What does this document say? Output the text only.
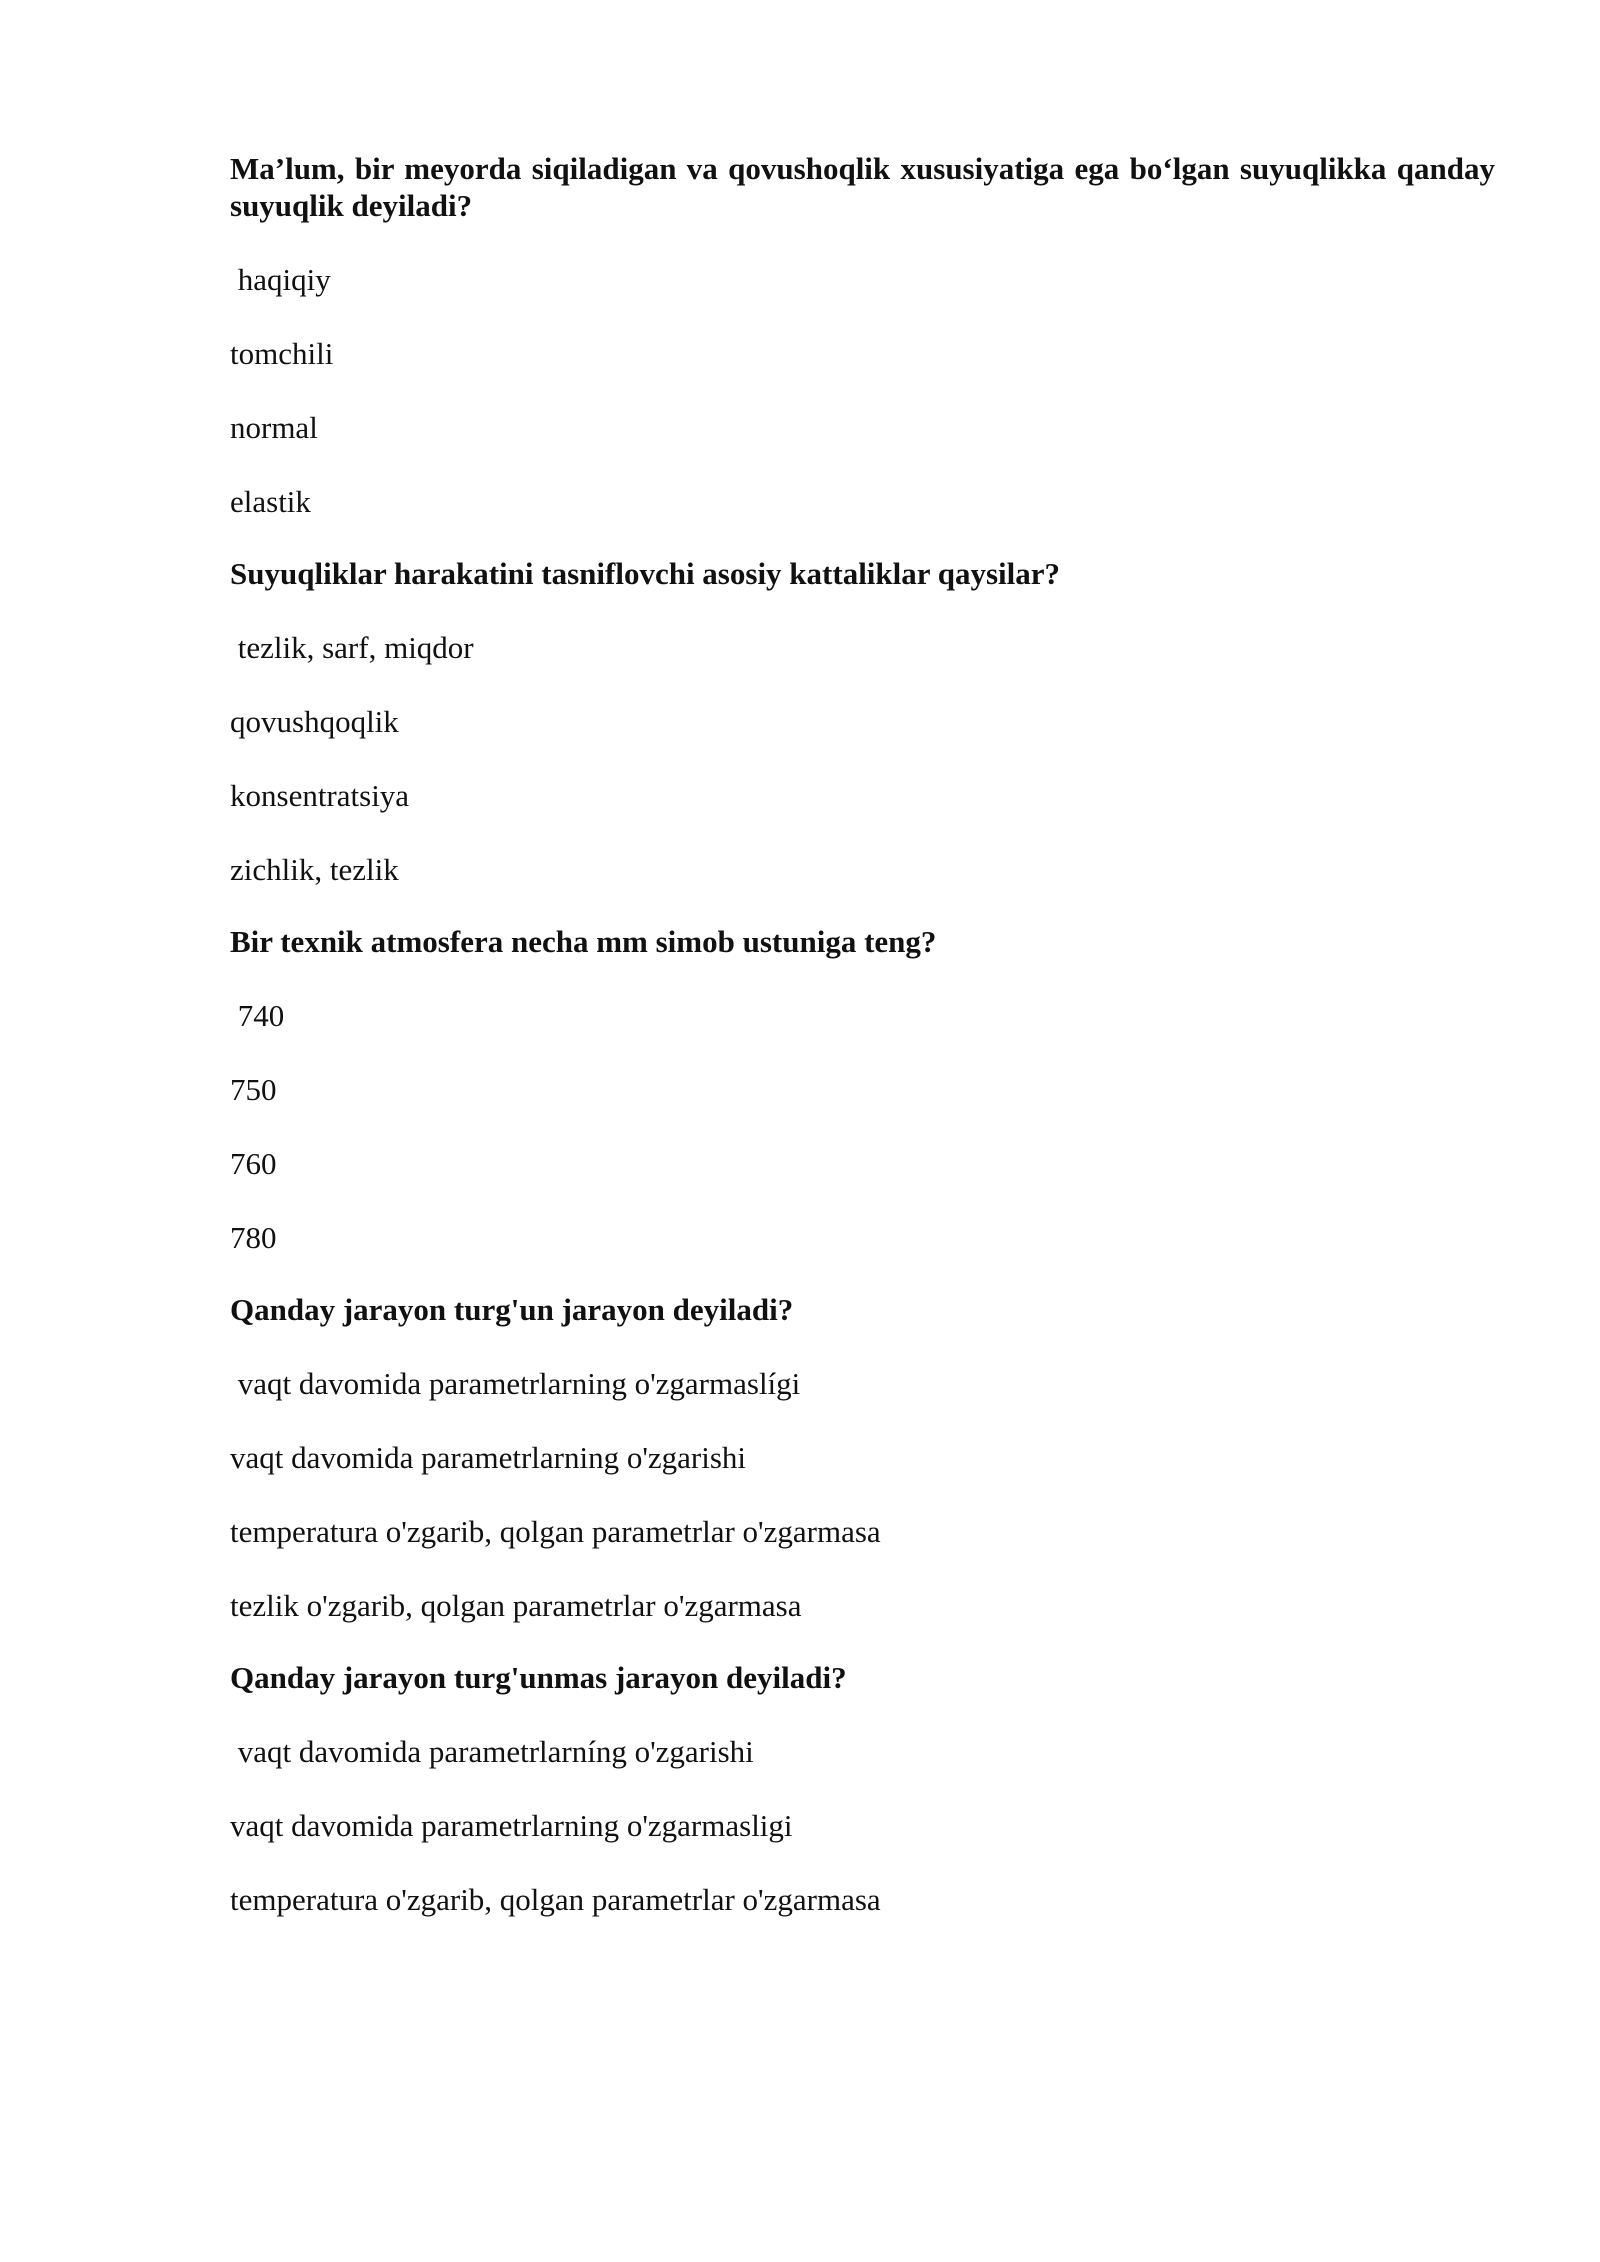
Ma’lum, bir meyorda siqiladigan va qovushoqlik xususiyatiga ega bo‘lgan suyuqlikka qanday suyuqlik deyiladi?

haqiqiy

tomchili

normal

elastik

Suyuqliklar harakatini tasniflovchi asosiy kattaliklar qaysilar?

tezlik, sarf, miqdor

qovushqoqlik

konsentratsiya

zichlik, tezlik

Bir texnik atmosfera necha mm simob ustuniga teng?

740

750

760

780

Qanday jarayon turg'un jarayon deyiladi?

vaqt davomida parametrlarning o'zgarmaslígi

vaqt davomida parametrlarning o'zgarishi

temperatura o'zgarib, qolgan parametrlar o'zgarmasa

tezlik o'zgarib, qolgan parametrlar o'zgarmasa

Qanday jarayon turg'unmas jarayon deyiladi?

vaqt davomida parametrlarníng o'zgarishi

vaqt davomida parametrlarning o'zgarmasligi

temperatura o'zgarib, qolgan parametrlar o'zgarmasa
